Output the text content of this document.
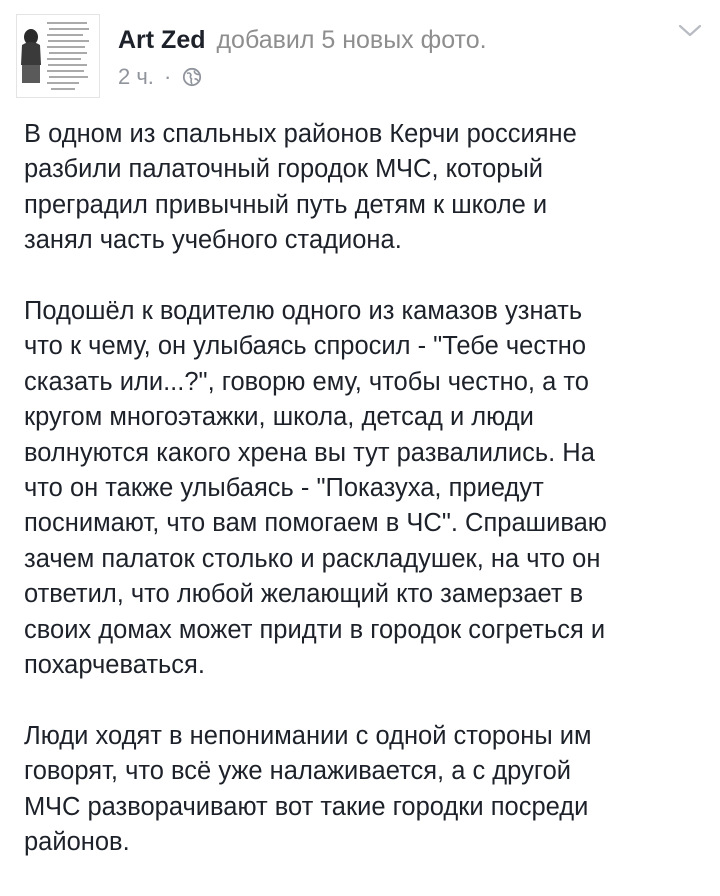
Art Zed добавил 5 новых фото.
2 ч. ·

В одном из спальных районов Керчи россияне
разбили палаточный городок МЧС, который
преградил привычный путь детям к школе и
занял часть учебного стадиона.

Подошёл к водителю одного из камазов узнать
что к чему, он улыбаясь спросил - "Тебе честно
сказать или...?", говорю ему, чтобы честно, а то
кругом многоэтажки, школа, детсад и люди
волнуются какого хрена вы тут развалились. На
что он также улыбаясь - "Показуха, приедут
поснимают, что вам помогаем в ЧС". Спрашиваю
зачем палаток столько и раскладушек, на что он
ответил, что любой желающий кто замерзает в
своих домах может придти в городок согреться и
похарчеваться.

Люди ходят в непонимании с одной стороны им
говорят, что всё уже налаживается, а с другой
МЧС разворачивают вот такие городки посреди
районов.
